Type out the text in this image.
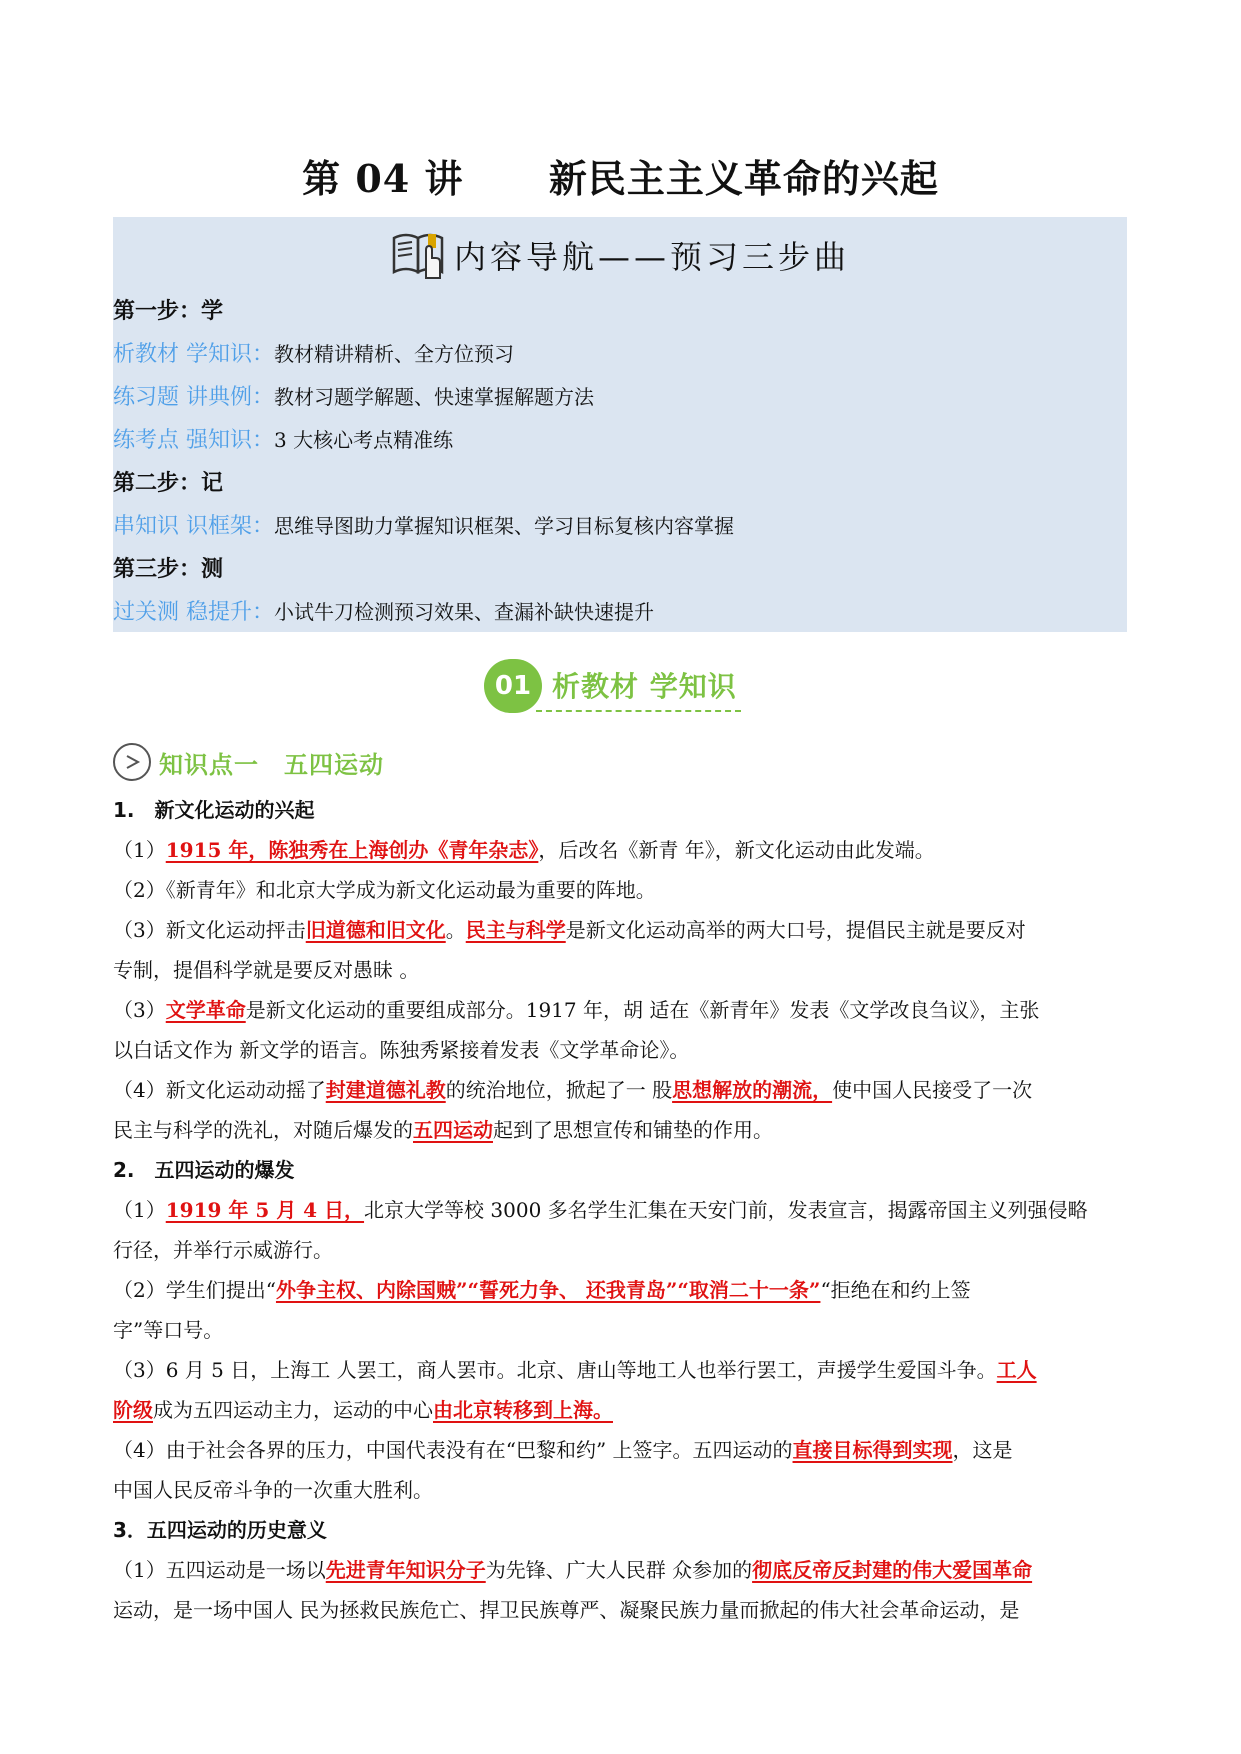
第 04 讲 新民主主义革命的兴起
内容导航——预习三步曲
第一步：学
析教材 学知识：教材精讲精析、全方位预习
练习题 讲典例：教材习题学解题、快速掌握解题方法
练考点 强知识：3 大核心考点精准练
第二步：记
串知识 识框架：思维导图助力掌握知识框架、学习目标复核内容掌握
第三步：测
过关测 稳提升：小试牛刀检测预习效果、查漏补缺快速提升
01 析教材 学知识
知识点一　五四运动
1.　新文化运动的兴起
（1）1915 年，陈独秀在上海创办《青年杂志》，后改名《新青 年》，新文化运动由此发端。
（2）《新青年》和北京大学成为新文化运动最为重要的阵地。
（3）新文化运动抨击旧道德和旧文化。民主与科学是新文化运动高举的两大口号，提倡民主就是要反对
专制，提倡科学就是要反对愚昧 。
（3）文学革命是新文化运动的重要组成部分。1917 年，胡 适在《新青年》发表《文学改良刍议》，主张
以白话文作为 新文学的语言。陈独秀紧接着发表《文学革命论》。
（4）新文化运动动摇了封建道德礼教的统治地位，掀起了一 股思想解放的潮流，使中国人民接受了一次
民主与科学的洗礼，对随后爆发的五四运动起到了思想宣传和铺垫的作用。
2.　五四运动的爆发
（1）1919 年 5 月 4 日，北京大学等校 3000 多名学生汇集在天安门前，发表宣言，揭露帝国主义列强侵略
行径，并举行示威游行。
（2）学生们提出“外争主权、内除国贼”“誓死力争、 还我青岛”“取消二十一条”“拒绝在和约上签
字”等口号。
（3）6 月 5 日，上海工 人罢工，商人罢市。北京、唐山等地工人也举行罢工，声援学生爱国斗争。工人
阶级成为五四运动主力，运动的中心由北京转移到上海。
（4）由于社会各界的压力，中国代表没有在“巴黎和约” 上签字。五四运动的直接目标得到实现，这是
中国人民反帝斗争的一次重大胜利。
3．五四运动的历史意义
（1）五四运动是一场以先进青年知识分子为先锋、广大人民群 众参加的彻底反帝反封建的伟大爱国革命
运动，是一场中国人 民为拯救民族危亡、捍卫民族尊严、凝聚民族力量而掀起的伟大社会革命运动，是
